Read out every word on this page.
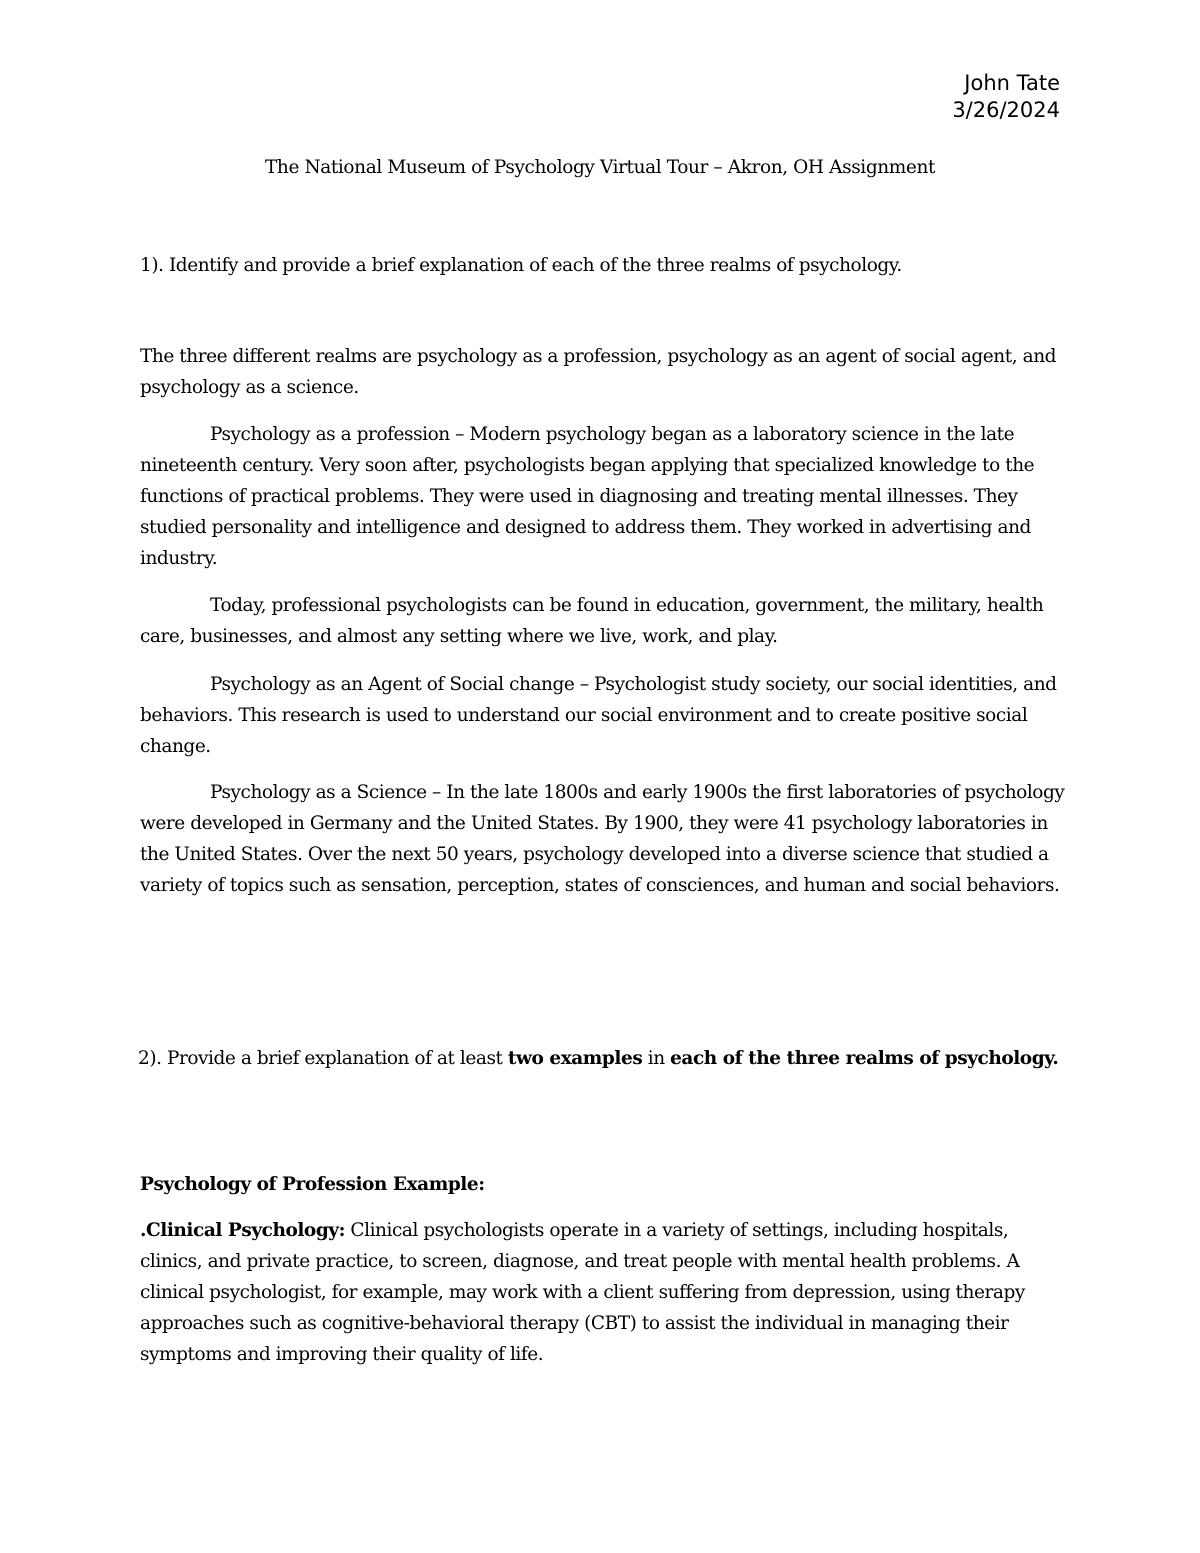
John Tate
3/26/2024
The National Museum of Psychology Virtual Tour – Akron, OH Assignment

1). Identify and provide a brief explanation of each of the three realms of psychology.

The three different realms are psychology as a profession, psychology as an agent of social agent, and psychology as a science.

Psychology as a profession – Modern psychology began as a laboratory science in the late nineteenth century. Very soon after, psychologists began applying that specialized knowledge to the functions of practical problems. They were used in diagnosing and treating mental illnesses. They studied personality and intelligence and designed to address them. They worked in advertising and industry.

Today, professional psychologists can be found in education, government, the military, health care, businesses, and almost any setting where we live, work, and play.

Psychology as an Agent of Social change – Psychologist study society, our social identities, and behaviors. This research is used to understand our social environment and to create positive social change.

Psychology as a Science – In the late 1800s and early 1900s the first laboratories of psychology were developed in Germany and the United States. By 1900, they were 41 psychology laboratories in the United States. Over the next 50 years, psychology developed into a diverse science that studied a variety of topics such as sensation, perception, states of consciences, and human and social behaviors.

2). Provide a brief explanation of at least two examples in each of the three realms of psychology.

Psychology of Profession Example:

.Clinical Psychology: Clinical psychologists operate in a variety of settings, including hospitals, clinics, and private practice, to screen, diagnose, and treat people with mental health problems. A clinical psychologist, for example, may work with a client suffering from depression, using therapy approaches such as cognitive-behavioral therapy (CBT) to assist the individual in managing their symptoms and improving their quality of life.
